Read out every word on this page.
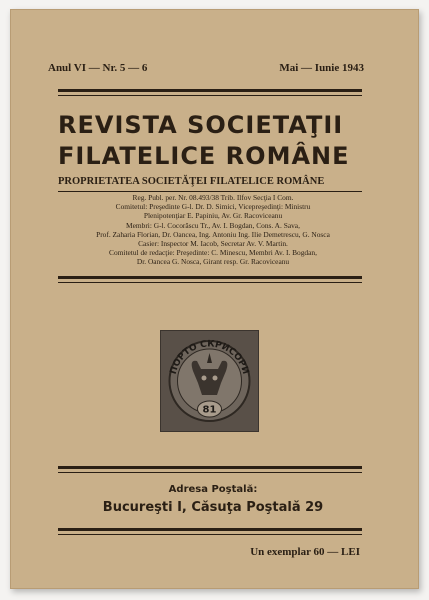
Anul VI — Nr. 5 — 6	Mai — Iunie 1943
REVISTA SOCIETAŢII
FILATELICE ROMÂNE
PROPRIETATEA SOCIETĂŢEI FILATELICE ROMÂNE
Reg. Publ. per. Nr. 08.493/38 Trib. Ilfov Secţia I Com.
Comitetul: Preşedinte G-l. Dr. D. Simici, Vicepreşedinţi: Ministru
Plenipotenţiar E. Papiniu, Av. Gr. Racoviceanu
Membri: G-l. Cocorăscu Tr., Av. I. Bogdan, Cons. A. Sava,
Prof. Zaharia Florian, Dr. Oancea, Ing. Antoniu Ing. Ilie Demetrescu, G. Nosca
Casier: Inspector M. Iacob, Secretar Av. V. Martin.
Comitetul de redacţie: Preşedinte: C. Minescu, Membri Av. I. Bogdan,
Dr. Oancea G. Nosca, Girant resp. Gr. Racoviceanu
ПОРТО СКРИСОРИ
81
Adresa Poştală:
Bucureşti I, Căsuţa Poştală 29
Un exemplar 60 — LEI
